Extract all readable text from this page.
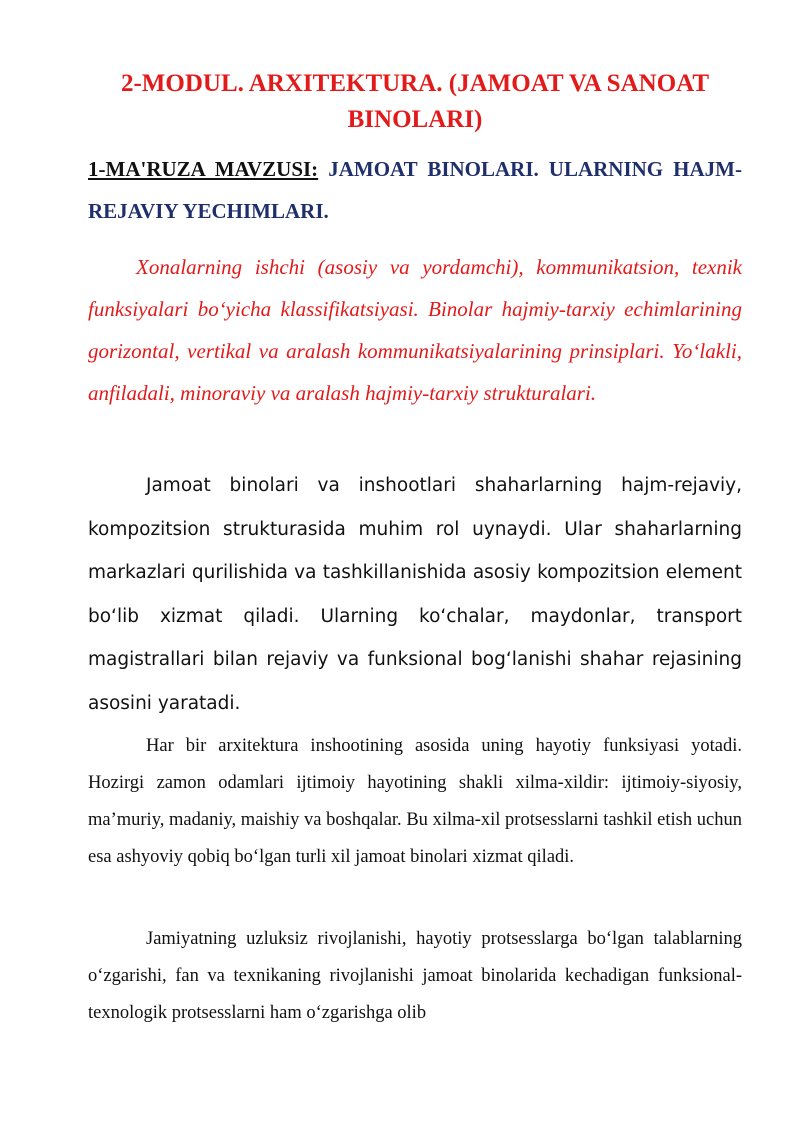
2-MODUL. ARXITEKTURA. (JAMOAT VA SANOAT BINOLARI)

1-MA'RUZA MAVZUSI: JAMOAT BINOLARI. ULARNING HAJM-REJAVIY YECHIMLARI.

Xonalarning ishchi (asosiy va yordamchi), kommunikatsion, texnik funksiyalari bo‘yicha klassifikatsiyasi. Binolar hajmiy-tarxiy echimlarining gorizontal, vertikal va aralash kommunikatsiyalarining prinsiplari. Yo‘lakli, anfiladali, minoraviy va aralash hajmiy-tarxiy strukturalari.

Jamoat binolari va inshootlari shaharlarning hajm-rejaviy, kompozitsion strukturasida muhim rol uynaydi. Ular shaharlarning markazlari qurilishida va tashkillanishida asosiy kompozitsion element bo‘lib xizmat qiladi. Ularning ko‘chalar, maydonlar, transport magistrallari bilan rejaviy va funksional bog‘lanishi shahar rejasining asosini yaratadi.

Har bir arxitektura inshootining asosida uning hayotiy funksiyasi yotadi. Hozirgi zamon odamlari ijtimoiy hayotining shakli xilma-xildir: ijtimoiy-siyosiy, ma’muriy, madaniy, maishiy va boshqalar. Bu xilma-xil protsesslarni tashkil etish uchun esa ashyoviy qobiq bo‘lgan turli xil jamoat binolari xizmat qiladi.

Jamiyatning uzluksiz rivojlanishi, hayotiy protsesslarga bo‘lgan talablarning o‘zgarishi, fan va texnikaning rivojlanishi jamoat binolarida kechadigan funksional-texnologik protsesslarni ham o‘zgarishga olib
